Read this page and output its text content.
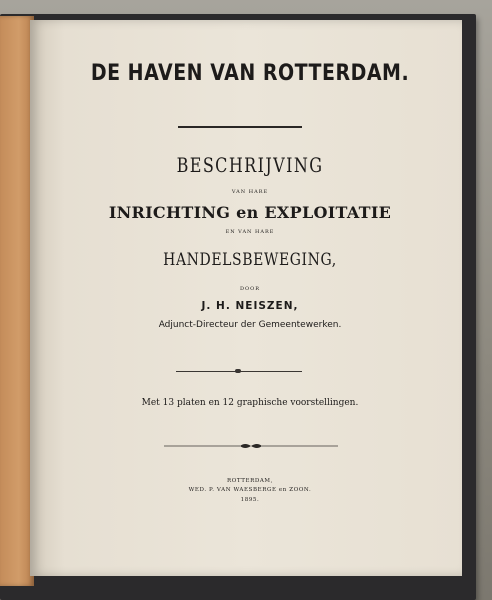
DE HAVEN VAN ROTTERDAM.
BESCHRIJVING
VAN HARE
INRICHTING en EXPLOITATIE
EN VAN HARE
HANDELSBEWEGING,
DOOR
J. H. NEISZEN,
Adjunct-Directeur der Gemeentewerken.
Met 13 platen en 12 graphische voorstellingen.
ROTTERDAM,
WED. P. VAN WAESBERGE en ZOON.
1895.
